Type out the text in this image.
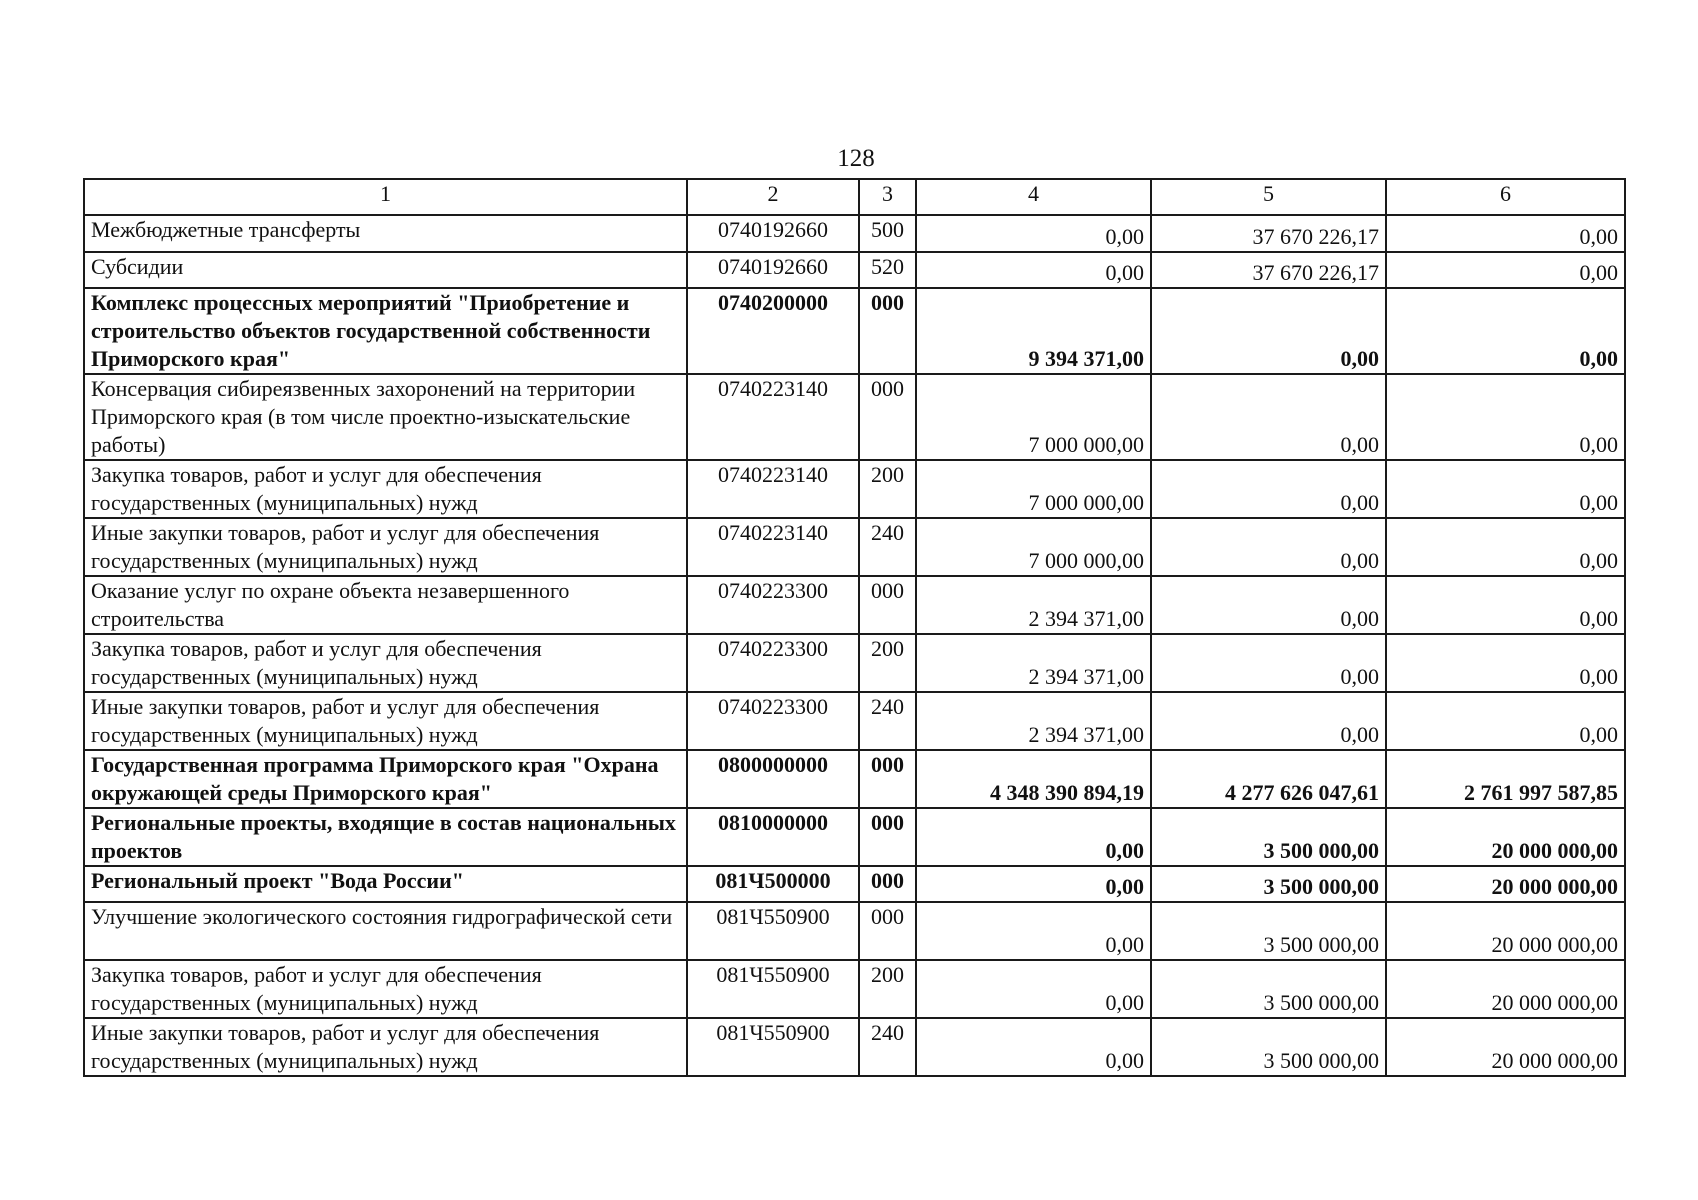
128
1	2	3	4	5	6
Межбюджетные трансферты	0740192660	500	0,00	37 670 226,17	0,00
Субсидии	0740192660	520	0,00	37 670 226,17	0,00
Комплекс процессных мероприятий "Приобретение и строительство объектов государственной собственности Приморского края"	0740200000	000	9 394 371,00	0,00	0,00
Консервация сибиреязвенных захоронений на территории Приморского края (в том числе проектно-изыскательские работы)	0740223140	000	7 000 000,00	0,00	0,00
Закупка товаров, работ и услуг для обеспечения государственных (муниципальных) нужд	0740223140	200	7 000 000,00	0,00	0,00
Иные закупки товаров, работ и услуг для обеспечения государственных (муниципальных) нужд	0740223140	240	7 000 000,00	0,00	0,00
Оказание услуг по охране объекта незавершенного строительства	0740223300	000	2 394 371,00	0,00	0,00
Закупка товаров, работ и услуг для обеспечения государственных (муниципальных) нужд	0740223300	200	2 394 371,00	0,00	0,00
Иные закупки товаров, работ и услуг для обеспечения государственных (муниципальных) нужд	0740223300	240	2 394 371,00	0,00	0,00
Государственная программа Приморского края "Охрана окружающей среды Приморского края"	0800000000	000	4 348 390 894,19	4 277 626 047,61	2 761 997 587,85
Региональные проекты, входящие в состав национальных проектов	0810000000	000	0,00	3 500 000,00	20 000 000,00
Региональный проект "Вода России"	081Ч500000	000	0,00	3 500 000,00	20 000 000,00
Улучшение экологического состояния гидрографической сети	081Ч550900	000	0,00	3 500 000,00	20 000 000,00
Закупка товаров, работ и услуг для обеспечения государственных (муниципальных) нужд	081Ч550900	200	0,00	3 500 000,00	20 000 000,00
Иные закупки товаров, работ и услуг для обеспечения государственных (муниципальных) нужд	081Ч550900	240	0,00	3 500 000,00	20 000 000,00
